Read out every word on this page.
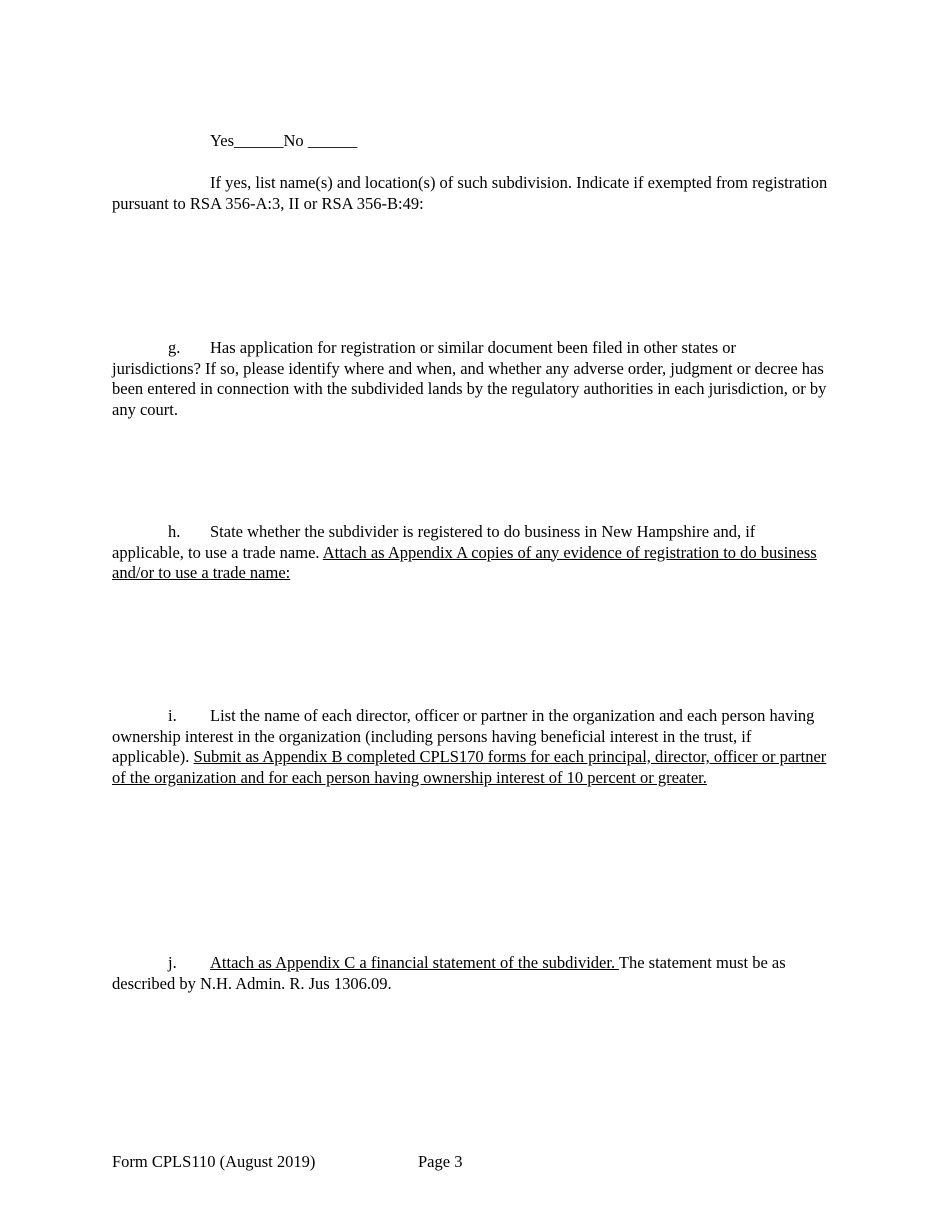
Yes______No ______
If yes, list name(s) and location(s) of such subdivision. Indicate if exempted from registration pursuant to RSA 356-A:3, II or RSA 356-B:49:
g. Has application for registration or similar document been filed in other states or jurisdictions? If so, please identify where and when, and whether any adverse order, judgment or decree has been entered in connection with the subdivided lands by the regulatory authorities in each jurisdiction, or by any court.
h. State whether the subdivider is registered to do business in New Hampshire and, if applicable, to use a trade name. Attach as Appendix A copies of any evidence of registration to do business and/or to use a trade name:
i. List the name of each director, officer or partner in the organization and each person having ownership interest in the organization (including persons having beneficial interest in the trust, if applicable). Submit as Appendix B completed CPLS170 forms for each principal, director, officer or partner of the organization and for each person having ownership interest of 10 percent or greater.
j. Attach as Appendix C a financial statement of the subdivider. The statement must be as described by N.H. Admin. R. Jus 1306.09.
Form CPLS110 (August 2019)	Page 3
